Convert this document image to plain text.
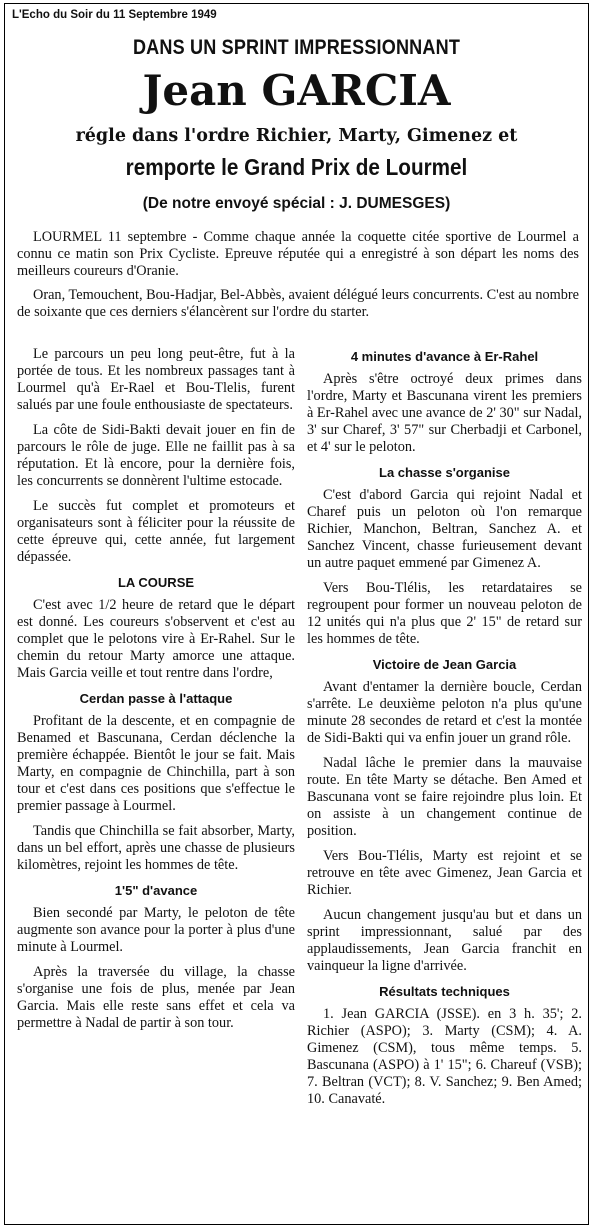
L'Echo du Soir du 11 Septembre 1949
DANS UN SPRINT IMPRESSIONNANT
Jean GARCIA
régle dans l'ordre Richier, Marty, Gimenez et
remporte le Grand Prix de Lourmel
(De notre envoyé spécial : J. DUMESGES)

LOURMEL 11 septembre - Comme chaque année la coquette citée sportive de Lourmel a connu ce matin son Prix Cycliste. Epreuve réputée qui a enregistré à son départ les noms des meilleurs coureurs d'Oranie.

Oran, Temouchent, Bou-Hadjar, Bel-Abbès, avaient délégué leurs concurrents. C'est au nombre de soixante que ces derniers s'élancèrent sur l'ordre du starter.

Le parcours un peu long peut-être, fut à la portée de tous. Et les nombreux passages tant à Lourmel qu'à Er-Rael et Bou-Tlelis, furent salués par une foule enthousiaste de spectateurs.

La côte de Sidi-Bakti devait jouer en fin de parcours le rôle de juge. Elle ne faillit pas à sa réputation. Et là encore, pour la dernière fois, les concurrents se donnèrent l'ultime estocade.

Le succès fut complet et promoteurs et organisateurs sont à féliciter pour la réussite de cette épreuve qui, cette année, fut largement dépassée.

LA COURSE

C'est avec 1/2 heure de retard que le départ est donné. Les coureurs s'observent et c'est au complet que le pelotons vire à Er-Rahel. Sur le chemin du retour Marty amorce une attaque. Mais Garcia veille et tout rentre dans l'ordre,

Cerdan passe à l'attaque

Profitant de la descente, et en compagnie de Benamed et Bascunana, Cerdan déclenche la première échappée. Bientôt le jour se fait. Mais Marty, en compagnie de Chinchilla, part à son tour et c'est dans ces positions que s'effectue le premier passage à Lourmel.

Tandis que Chinchilla se fait absorber, Marty, dans un bel effort, après une chasse de plusieurs kilomètres, rejoint les hommes de tête.

1'5" d'avance

Bien secondé par Marty, le peloton de tête augmente son avance pour la porter à plus d'une minute à Lourmel.

Après la traversée du village, la chasse s'organise une fois de plus, menée par Jean Garcia. Mais elle reste sans effet et cela va permettre à Nadal de partir à son tour.

4 minutes d'avance à Er-Rahel

Après s'être octroyé deux primes dans l'ordre, Marty et Bascunana virent les premiers à Er-Rahel avec une avance de 2' 30" sur Nadal, 3' sur Charef, 3' 57" sur Cherbadji et Carbonel, et 4' sur le peloton.

La chasse s'organise

C'est d'abord Garcia qui rejoint Nadal et Charef puis un peloton où l'on remarque Richier, Manchon, Beltran, Sanchez A. et Sanchez Vincent, chasse furieusement devant un autre paquet emmené par Gimenez A.

Vers Bou-Tlélis, les retardataires se regroupent pour former un nouveau peloton de 12 unités qui n'a plus que 2' 15" de retard sur les hommes de tête.

Victoire de Jean Garcia

Avant d'entamer la dernière boucle, Cerdan s'arrête. Le deuxième peloton n'a plus qu'une minute 28 secondes de retard et c'est la montée de Sidi-Bakti qui va enfin jouer un grand rôle.

Nadal lâche le premier dans la mauvaise route. En tête Marty se détache. Ben Amed et Bascunana vont se faire rejoindre plus loin. Et on assiste à un changement continue de position.

Vers Bou-Tlélis, Marty est rejoint et se retrouve en tête avec Gimenez, Jean Garcia et Richier.

Aucun changement jusqu'au but et dans un sprint impressionnant, salué par des applaudissements, Jean Garcia franchit en vainqueur la ligne d'arrivée.

Résultats techniques

1. Jean GARCIA (JSSE). en 3 h. 35'; 2. Richier (ASPO); 3. Marty (CSM); 4. A. Gimenez (CSM), tous même temps. 5. Bascunana (ASPO) à 1' 15"; 6. Chareuf (VSB); 7. Beltran (VCT); 8. V. Sanchez; 9. Ben Amed; 10. Canavaté.
